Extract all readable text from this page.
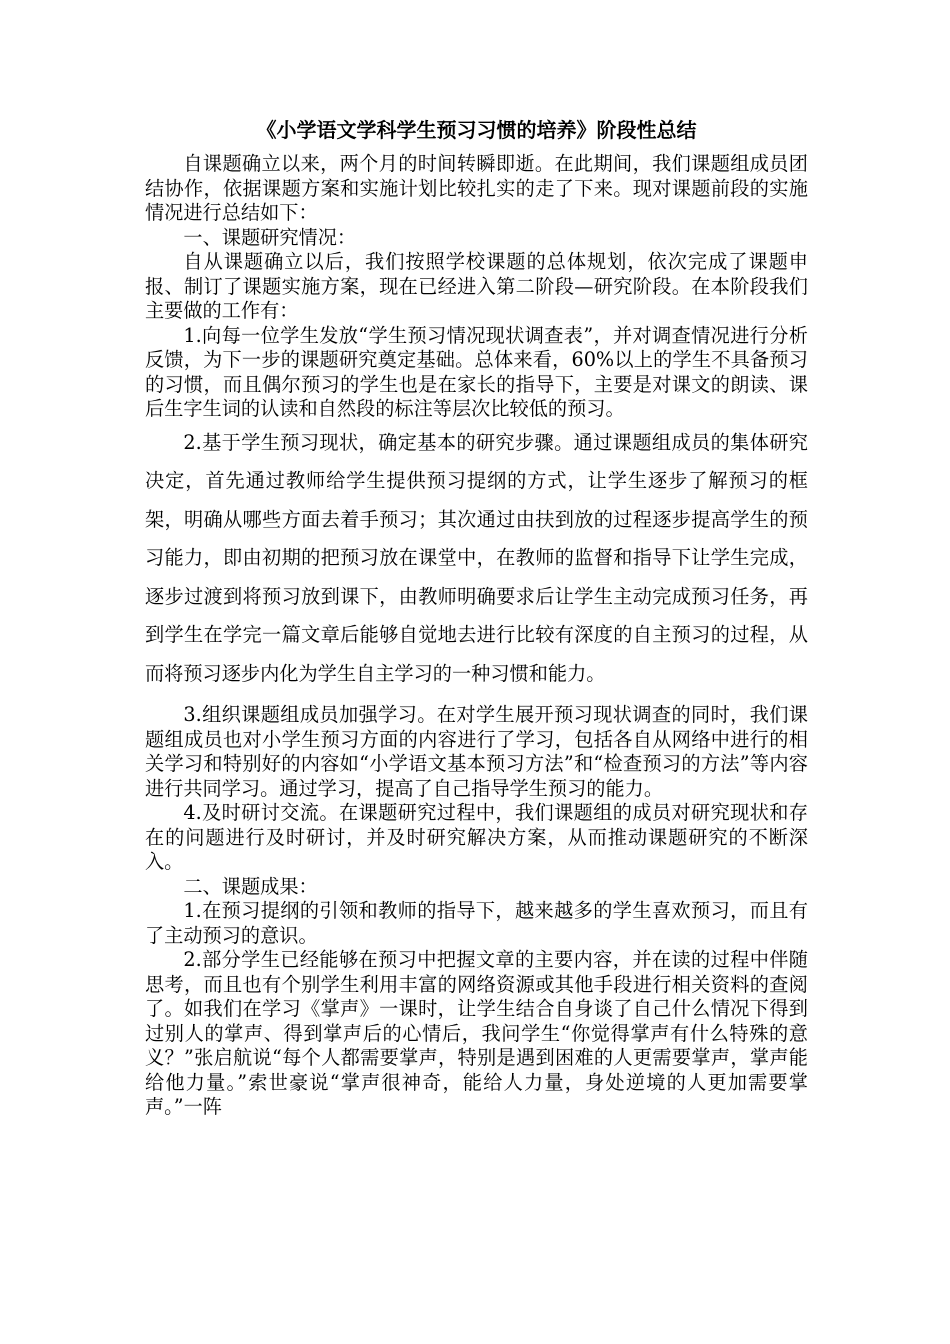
《小学语文学科学生预习习惯的培养》阶段性总结

自课题确立以来，两个月的时间转瞬即逝。在此期间，我们课题组成员团结协作，依据课题方案和实施计划比较扎实的走了下来。现对课题前段的实施情况进行总结如下：

一、课题研究情况：

自从课题确立以后，我们按照学校课题的总体规划，依次完成了课题申报、制订了课题实施方案，现在已经进入第二阶段—研究阶段。在本阶段我们主要做的工作有：

1.向每一位学生发放“学生预习情况现状调查表”，并对调查情况进行分析反馈，为下一步的课题研究奠定基础。总体来看，60%以上的学生不具备预习的习惯，而且偶尔预习的学生也是在家长的指导下，主要是对课文的朗读、课后生字生词的认读和自然段的标注等层次比较低的预习。

2.基于学生预习现状，确定基本的研究步骤。通过课题组成员的集体研究决定，首先通过教师给学生提供预习提纲的方式，让学生逐步了解预习的框架，明确从哪些方面去着手预习；其次通过由扶到放的过程逐步提高学生的预习能力，即由初期的把预习放在课堂中，在教师的监督和指导下让学生完成，逐步过渡到将预习放到课下，由教师明确要求后让学生主动完成预习任务，再到学生在学完一篇文章后能够自觉地去进行比较有深度的自主预习的过程，从而将预习逐步内化为学生自主学习的一种习惯和能力。

3.组织课题组成员加强学习。在对学生展开预习现状调查的同时，我们课题组成员也对小学生预习方面的内容进行了学习，包括各自从网络中进行的相关学习和特别好的内容如“小学语文基本预习方法”和“检查预习的方法”等内容进行共同学习。通过学习，提高了自己指导学生预习的能力。

4.及时研讨交流。在课题研究过程中，我们课题组的成员对研究现状和存在的问题进行及时研讨，并及时研究解决方案，从而推动课题研究的不断深入。

二、课题成果：

1.在预习提纲的引领和教师的指导下，越来越多的学生喜欢预习，而且有了主动预习的意识。

2.部分学生已经能够在预习中把握文章的主要内容，并在读的过程中伴随思考，而且也有个别学生利用丰富的网络资源或其他手段进行相关资料的查阅了。如我们在学习《掌声》一课时，让学生结合自身谈了自己什么情况下得到过别人的掌声、得到掌声后的心情后，我问学生“你觉得掌声有什么特殊的意义？”张启航说“每个人都需要掌声，特别是遇到困难的人更需要掌声，掌声能给他力量。”索世豪说“掌声很神奇，能给人力量，身处逆境的人更加需要掌声。”一阵
